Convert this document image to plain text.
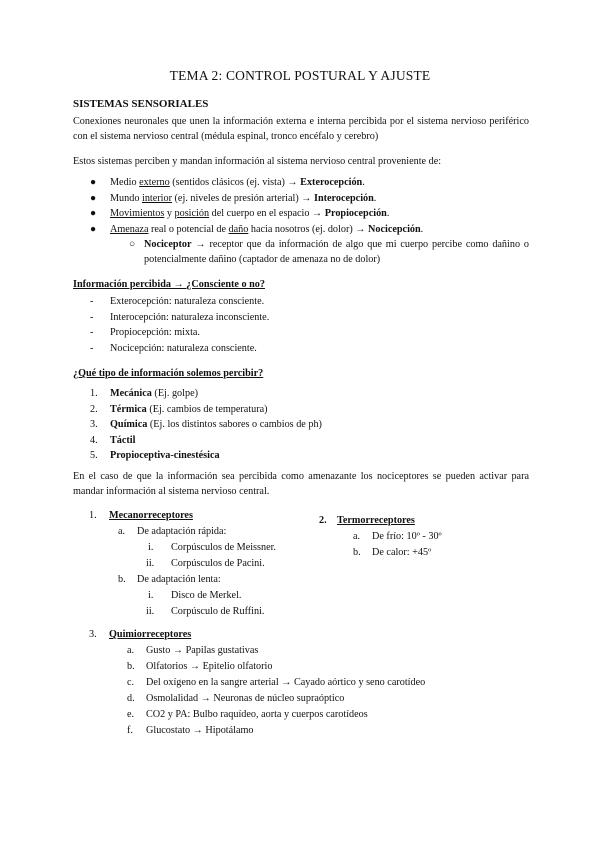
TEMA 2: CONTROL POSTURAL Y AJUSTE
SISTEMAS SENSORIALES
Conexiones neuronales que unen la información externa e interna percibida por el sistema nervioso periférico con el sistema nervioso central (médula espinal, tronco encéfalo y cerebro)
Estos sistemas perciben y mandan información al sistema nervioso central proveniente de:
● Medio externo (sentidos clásicos (ej. vista) → Exterocepción.
● Mundo interior (ej. niveles de presión arterial) → Interocepción.
● Movimientos y posición del cuerpo en el espacio → Propiocepción.
● Amenaza real o potencial de daño hacia nosotros (ej. dolor) → Nocicepción.
○ Nociceptor → receptor que da información de algo que mi cuerpo percibe como dañino o potencialmente dañino (captador de amenaza no de dolor)
Información percibida → ¿Consciente o no?
- Exterocepción: naturaleza consciente.
- Interocepción: naturaleza inconsciente.
- Propiocepción: mixta.
- Nocicepción: naturaleza consciente.
¿Qué tipo de información solemos percibir?
1. Mecánica (Ej. golpe)
2. Térmica (Ej. cambios de temperatura)
3. Química (Ej. los distintos sabores o cambios de ph)
4. Táctil
5. Propioceptiva-cinestésica
En el caso de que la información sea percibida como amenazante los nociceptores se pueden activar para mandar información al sistema nervioso central.
1. Mecanorreceptores
a. De adaptación rápida:
i. Corpúsculos de Meissner.
ii. Corpúsculos de Pacini.
b. De adaptación lenta:
i. Disco de Merkel.
ii. Corpúsculo de Ruffini.
2. Termorreceptores
a. De frío: 10º - 30º
b. De calor: +45º
3. Quimiorreceptores
a. Gusto → Papilas gustativas
b. Olfatorios → Epitelio olfatorio
c. Del oxígeno en la sangre arterial → Cayado aórtico y seno carotídeo
d. Osmolalidad → Neuronas de núcleo supraóptico
e. CO2 y PA: Bulbo raquídeo, aorta y cuerpos carotídeos
f. Glucostato → Hipotálamo
